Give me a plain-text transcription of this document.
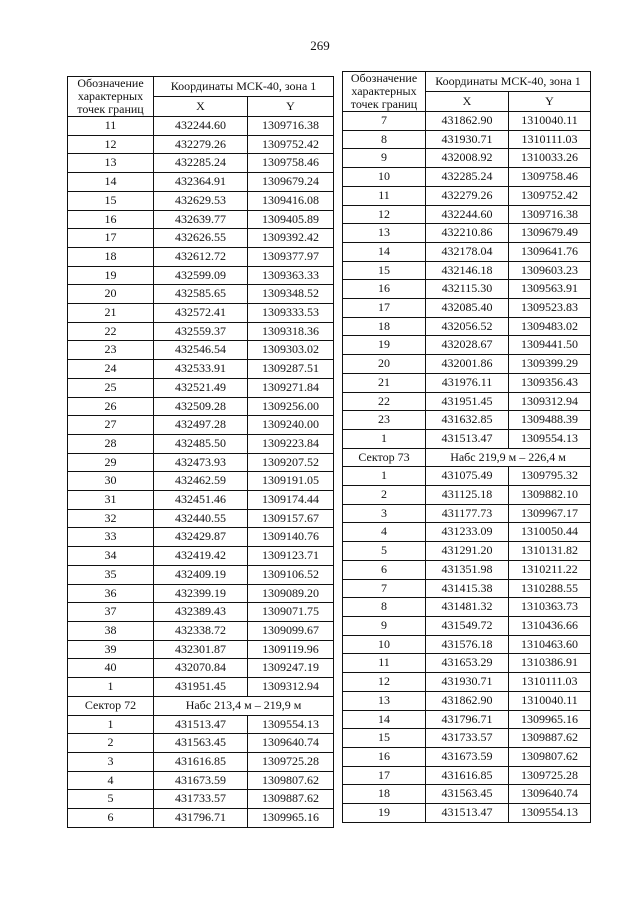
269
Обозначение характерных точек границ	Координаты МСК-40, зона 1	
	X	Y
11	432244.60	1309716.38
12	432279.26	1309752.42
13	432285.24	1309758.46
14	432364.91	1309679.24
15	432629.53	1309416.08
16	432639.77	1309405.89
17	432626.55	1309392.42
18	432612.72	1309377.97
19	432599.09	1309363.33
20	432585.65	1309348.52
21	432572.41	1309333.53
22	432559.37	1309318.36
23	432546.54	1309303.02
24	432533.91	1309287.51
25	432521.49	1309271.84
26	432509.28	1309256.00
27	432497.28	1309240.00
28	432485.50	1309223.84
29	432473.93	1309207.52
30	432462.59	1309191.05
31	432451.46	1309174.44
32	432440.55	1309157.67
33	432429.87	1309140.76
34	432419.42	1309123.71
35	432409.19	1309106.52
36	432399.19	1309089.20
37	432389.43	1309071.75
38	432338.72	1309099.67
39	432301.87	1309119.96
40	432070.84	1309247.19
1	431951.45	1309312.94
Сектор 72	Набс 213,4 м – 219,9 м	
1	431513.47	1309554.13
2	431563.45	1309640.74
3	431616.85	1309725.28
4	431673.59	1309807.62
5	431733.57	1309887.62
6	431796.71	1309965.16
Обозначение характерных точек границ	Координаты МСК-40, зона 1	
	X	Y
7	431862.90	1310040.11
8	431930.71	1310111.03
9	432008.92	1310033.26
10	432285.24	1309758.46
11	432279.26	1309752.42
12	432244.60	1309716.38
13	432210.86	1309679.49
14	432178.04	1309641.76
15	432146.18	1309603.23
16	432115.30	1309563.91
17	432085.40	1309523.83
18	432056.52	1309483.02
19	432028.67	1309441.50
20	432001.86	1309399.29
21	431976.11	1309356.43
22	431951.45	1309312.94
23	431632.85	1309488.39
1	431513.47	1309554.13
Сектор 73	Набс 219,9 м – 226,4 м	
1	431075.49	1309795.32
2	431125.18	1309882.10
3	431177.73	1309967.17
4	431233.09	1310050.44
5	431291.20	1310131.82
6	431351.98	1310211.22
7	431415.38	1310288.55
8	431481.32	1310363.73
9	431549.72	1310436.66
10	431576.18	1310463.60
11	431653.29	1310386.91
12	431930.71	1310111.03
13	431862.90	1310040.11
14	431796.71	1309965.16
15	431733.57	1309887.62
16	431673.59	1309807.62
17	431616.85	1309725.28
18	431563.45	1309640.74
19	431513.47	1309554.13
